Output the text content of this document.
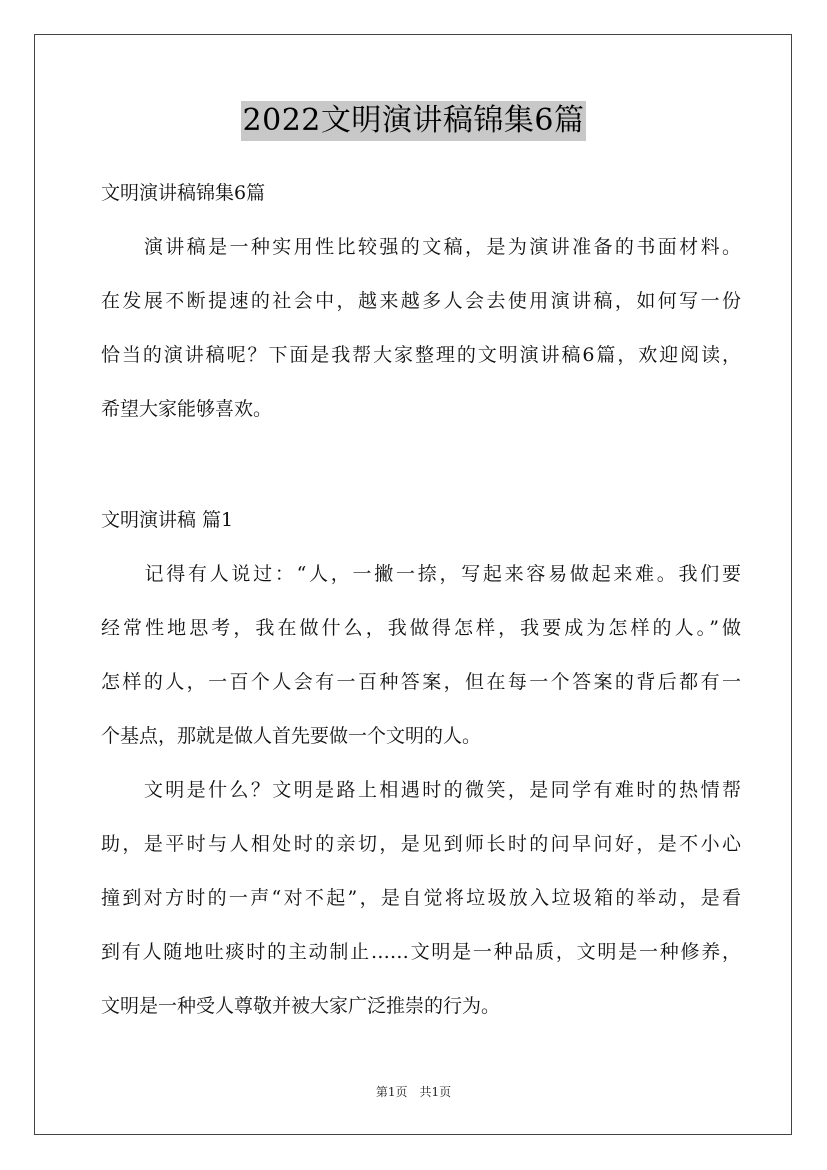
2022文明演讲稿锦集6篇
文明演讲稿锦集6篇
　　演讲稿是一种实用性比较强的文稿，是为演讲准备的书面材料。
在发展不断提速的社会中，越来越多人会去使用演讲稿，如何写一份
恰当的演讲稿呢？下面是我帮大家整理的文明演讲稿6篇，欢迎阅读，
希望大家能够喜欢。
文明演讲稿 篇1
　　记得有人说过：“人，一撇一捺，写起来容易做起来难。我们要
经常性地思考，我在做什么，我做得怎样，我要成为怎样的人。”做
怎样的人，一百个人会有一百种答案，但在每一个答案的背后都有一
个基点，那就是做人首先要做一个文明的人。
　　文明是什么？文明是路上相遇时的微笑，是同学有难时的热情帮
助，是平时与人相处时的亲切，是见到师长时的问早问好，是不小心
撞到对方时的一声“对不起”，是自觉将垃圾放入垃圾箱的举动，是看
到有人随地吐痰时的主动制止……文明是一种品质，文明是一种修养，
文明是一种受人尊敬并被大家广泛推崇的行为。
第1页　共1页
